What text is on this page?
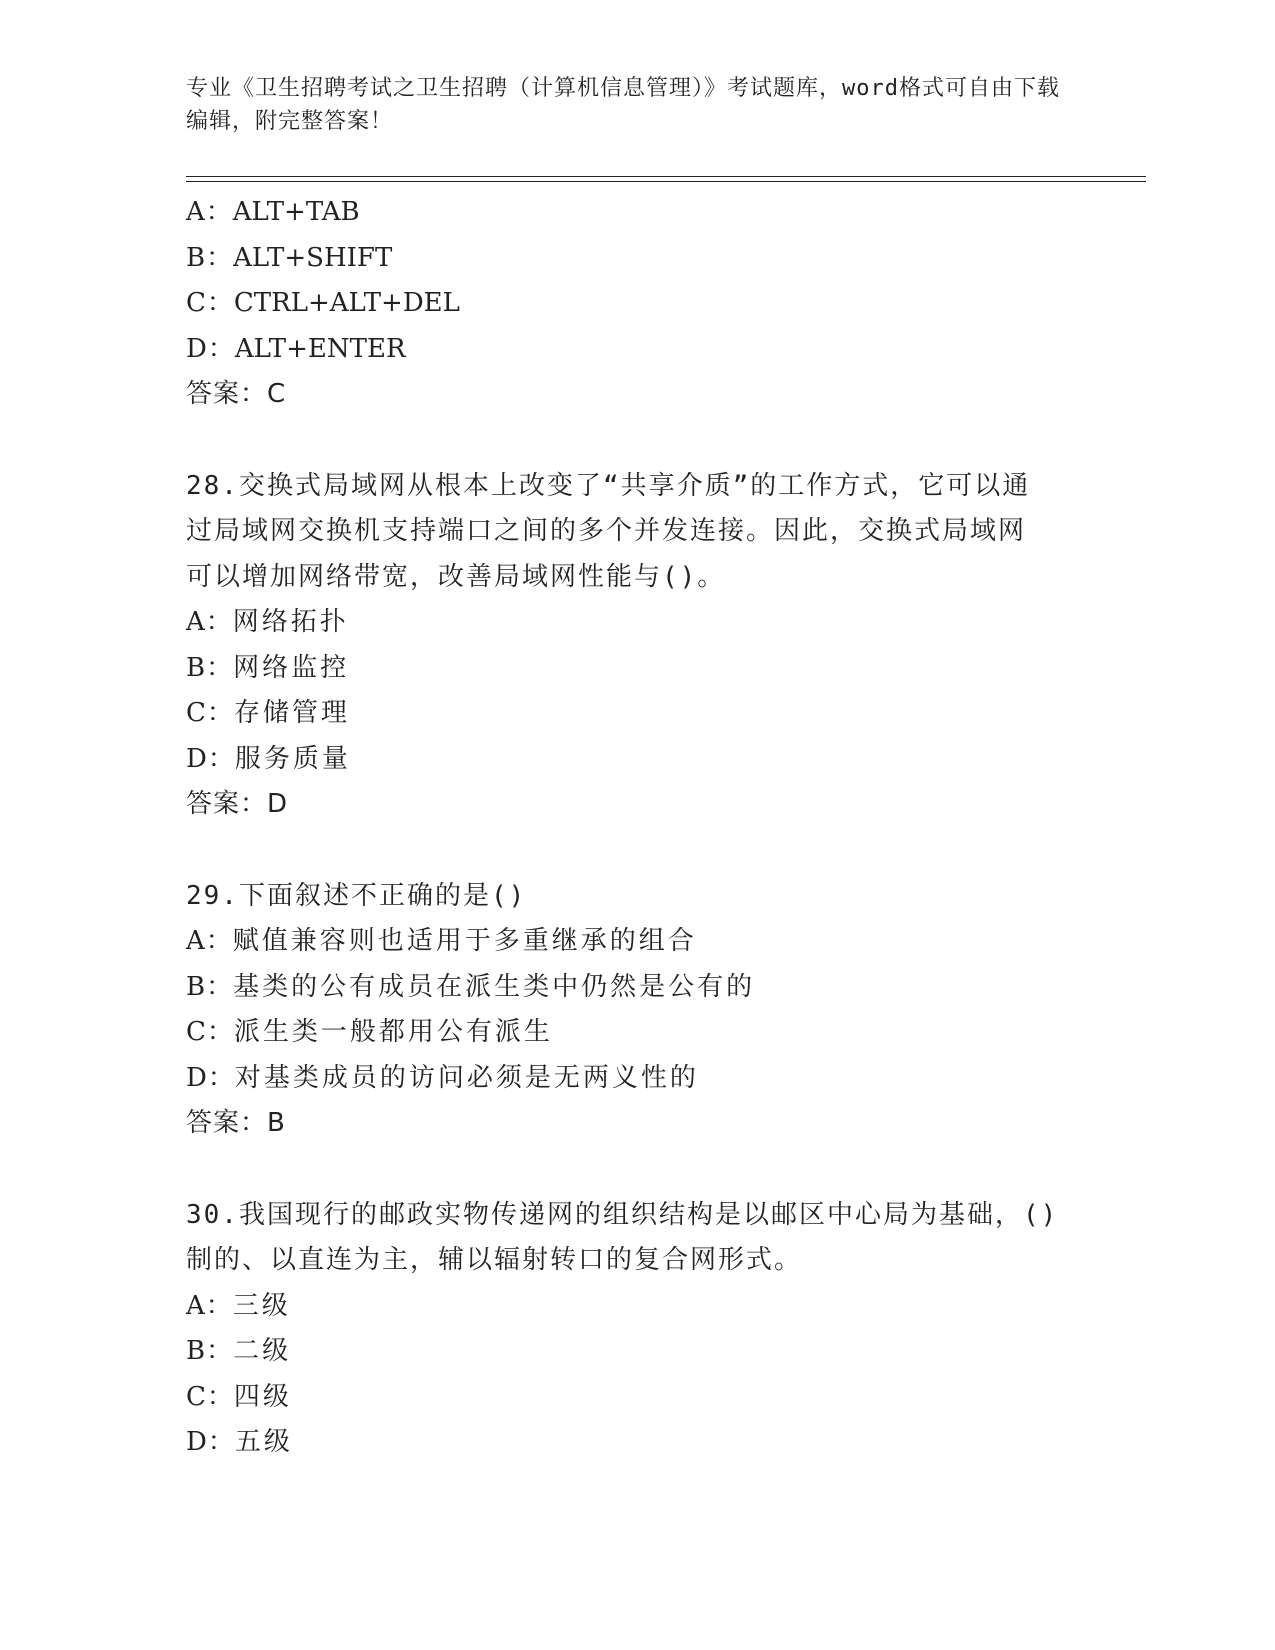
专业《卫生招聘考试之卫生招聘（计算机信息管理）》考试题库，word格式可自由下载编辑，附完整答案！
A：ALT+TAB
B：ALT+SHIFT
C：CTRL+ALT+DEL
D：ALT+ENTER
答案：C
28.交换式局域网从根本上改变了“共享介质”的工作方式，它可以通
过局域网交换机支持端口之间的多个并发连接。因此，交换式局域网
可以增加网络带宽，改善局域网性能与()。
A：网络拓扑
B：网络监控
C：存储管理
D：服务质量
答案：D
29.下面叙述不正确的是()
A：赋值兼容则也适用于多重继承的组合
B：基类的公有成员在派生类中仍然是公有的
C：派生类一般都用公有派生
D：对基类成员的访问必须是无两义性的
答案：B
30.我国现行的邮政实物传递网的组织结构是以邮区中心局为基础，()
制的、以直连为主，辅以辐射转口的复合网形式。
A：三级
B：二级
C：四级
D：五级
